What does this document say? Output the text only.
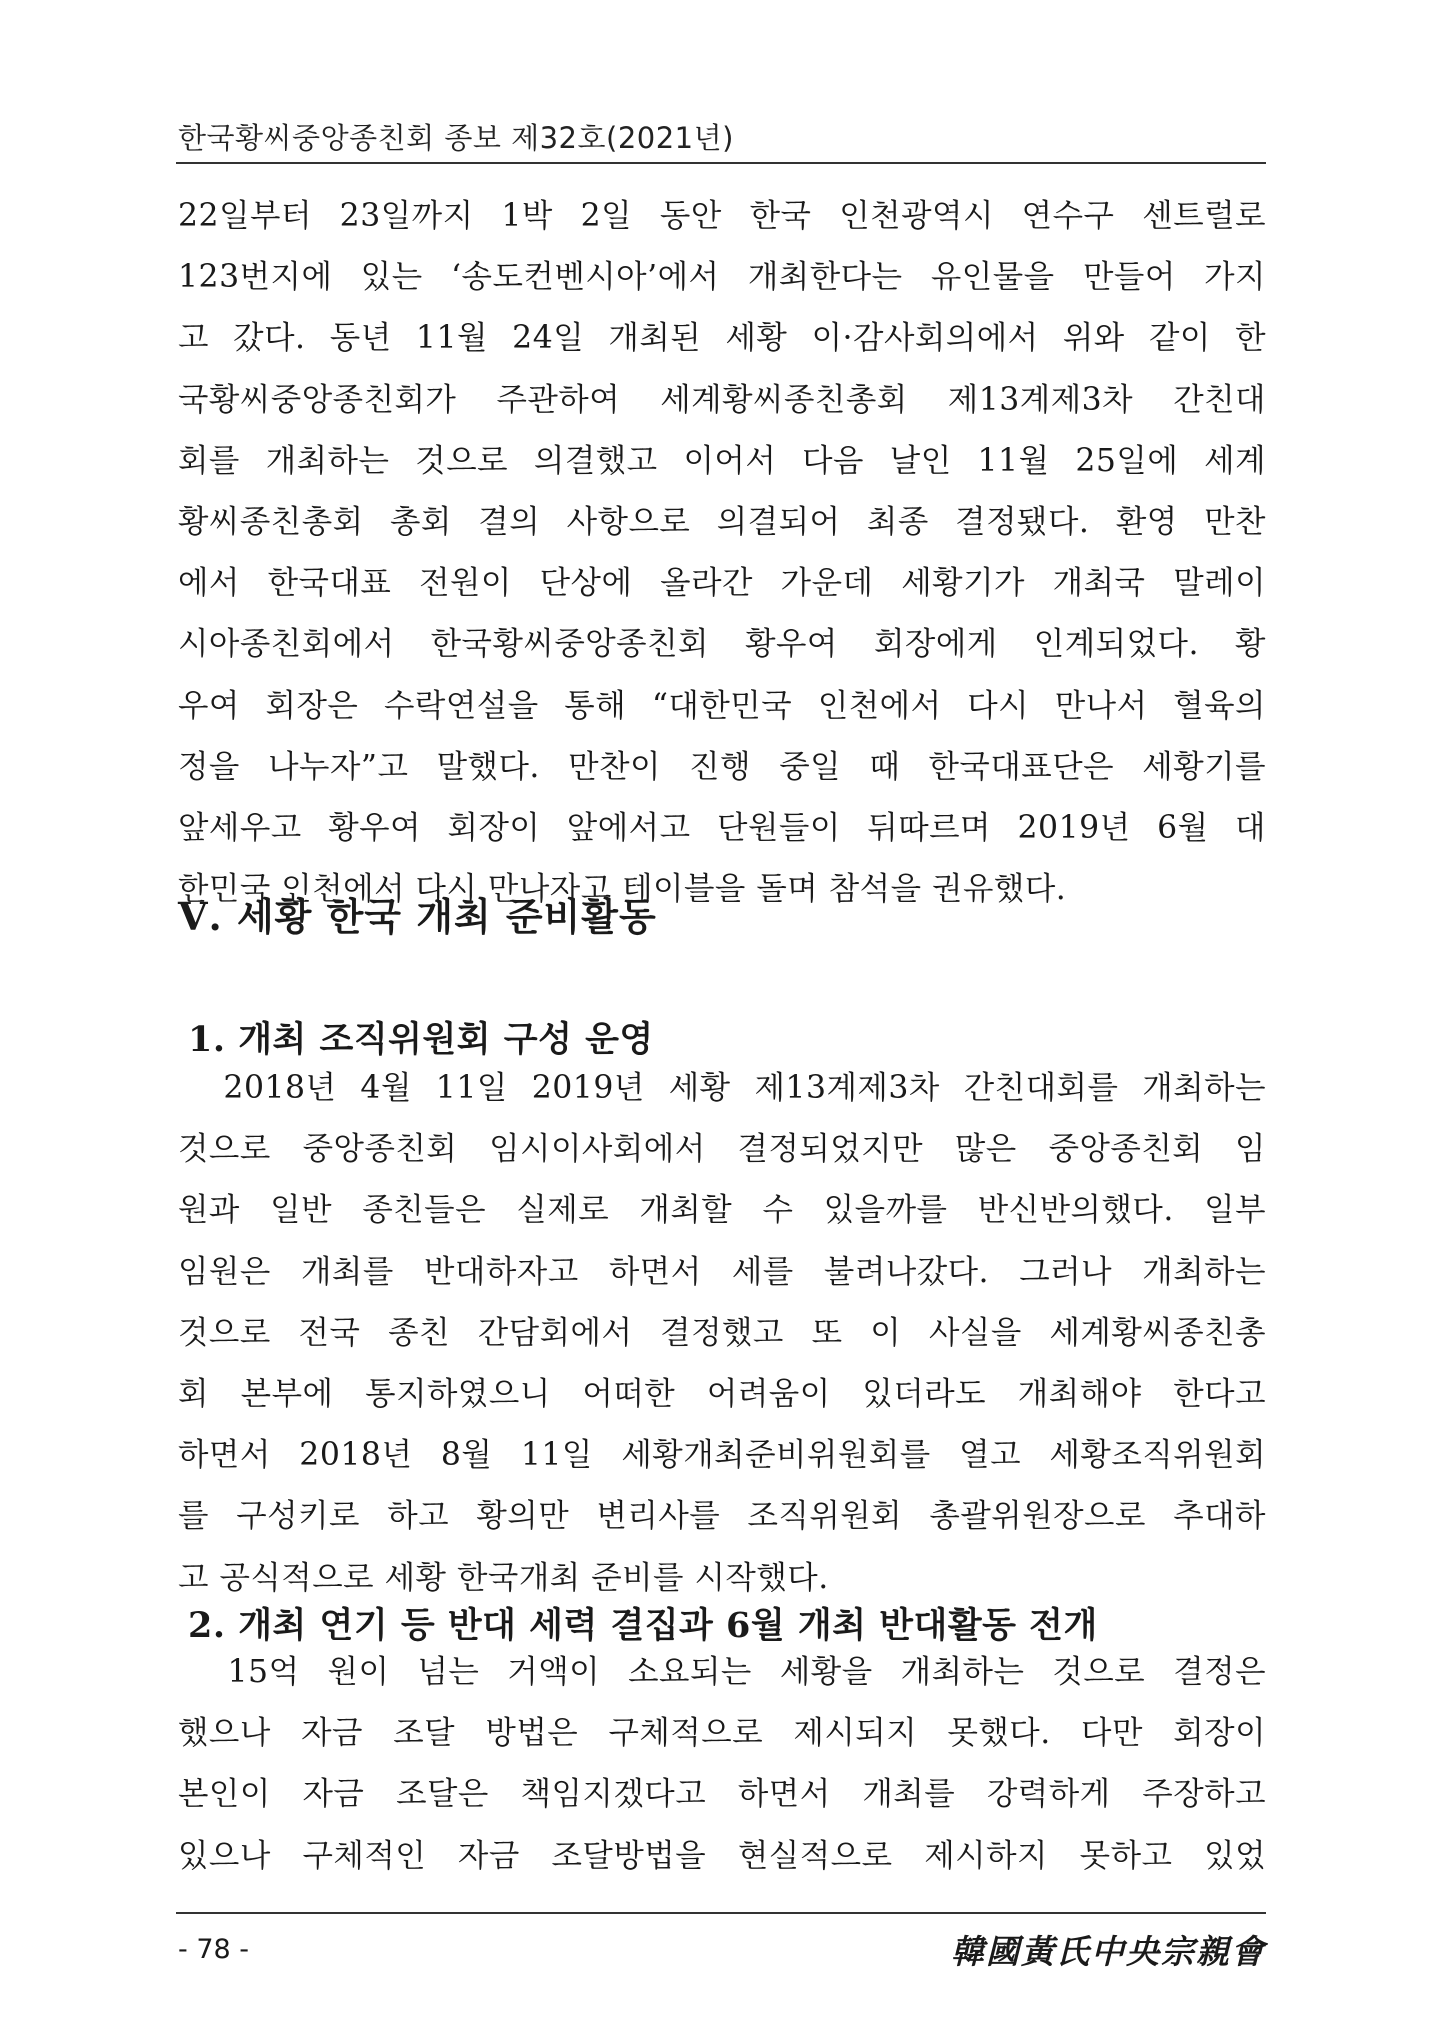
한국황씨중앙종친회 종보 제32호(2021년)
22일부터 23일까지 1박 2일 동안 한국 인천광역시 연수구 센트럴로
123번지에 있는 ‘송도컨벤시아’에서 개최한다는 유인물을 만들어 가지
고 갔다. 동년 11월 24일 개최된 세황 이·감사회의에서 위와 같이 한
국황씨중앙종친회가 주관하여 세계황씨종친총회 제13계제3차 간친대
회를 개최하는 것으로 의결했고 이어서 다음 날인 11월 25일에 세계
황씨종친총회 총회 결의 사항으로 의결되어 최종 결정됐다. 환영 만찬
에서 한국대표 전원이 단상에 올라간 가운데 세황기가 개최국 말레이
시아종친회에서 한국황씨중앙종친회 황우여 회장에게 인계되었다. 황
우여 회장은 수락연설을 통해 “대한민국 인천에서 다시 만나서 혈육의
정을 나누자”고 말했다. 만찬이 진행 중일 때 한국대표단은 세황기를
앞세우고 황우여 회장이 앞에서고 단원들이 뒤따르며 2019년 6월 대
한민국 인천에서 다시 만나자고 테이블을 돌며 참석을 권유했다.
Ⅴ. 세황 한국 개최 준비활동
1. 개최 조직위원회 구성 운영
　2018년 4월 11일 2019년 세황 제13계제3차 간친대회를 개최하는
것으로 중앙종친회 임시이사회에서 결정되었지만 많은 중앙종친회 임
원과 일반 종친들은 실제로 개최할 수 있을까를 반신반의했다. 일부
임원은 개최를 반대하자고 하면서 세를 불려나갔다. 그러나 개최하는
것으로 전국 종친 간담회에서 결정했고 또 이 사실을 세계황씨종친총
회 본부에 통지하였으니 어떠한 어려움이 있더라도 개최해야 한다고
하면서 2018년 8월 11일 세황개최준비위원회를 열고 세황조직위원회
를 구성키로 하고 황의만 변리사를 조직위원회 총괄위원장으로 추대하
고 공식적으로 세황 한국개최 준비를 시작했다.
2. 개최 연기 등 반대 세력 결집과 6월 개최 반대활동 전개
　15억 원이 넘는 거액이 소요되는 세황을 개최하는 것으로 결정은
했으나 자금 조달 방법은 구체적으로 제시되지 못했다. 다만 회장이
본인이 자금 조달은 책임지겠다고 하면서 개최를 강력하게 주장하고
있으나 구체적인 자금 조달방법을 현실적으로 제시하지 못하고 있었
- 78 -	韓國黃氏中央宗親會
